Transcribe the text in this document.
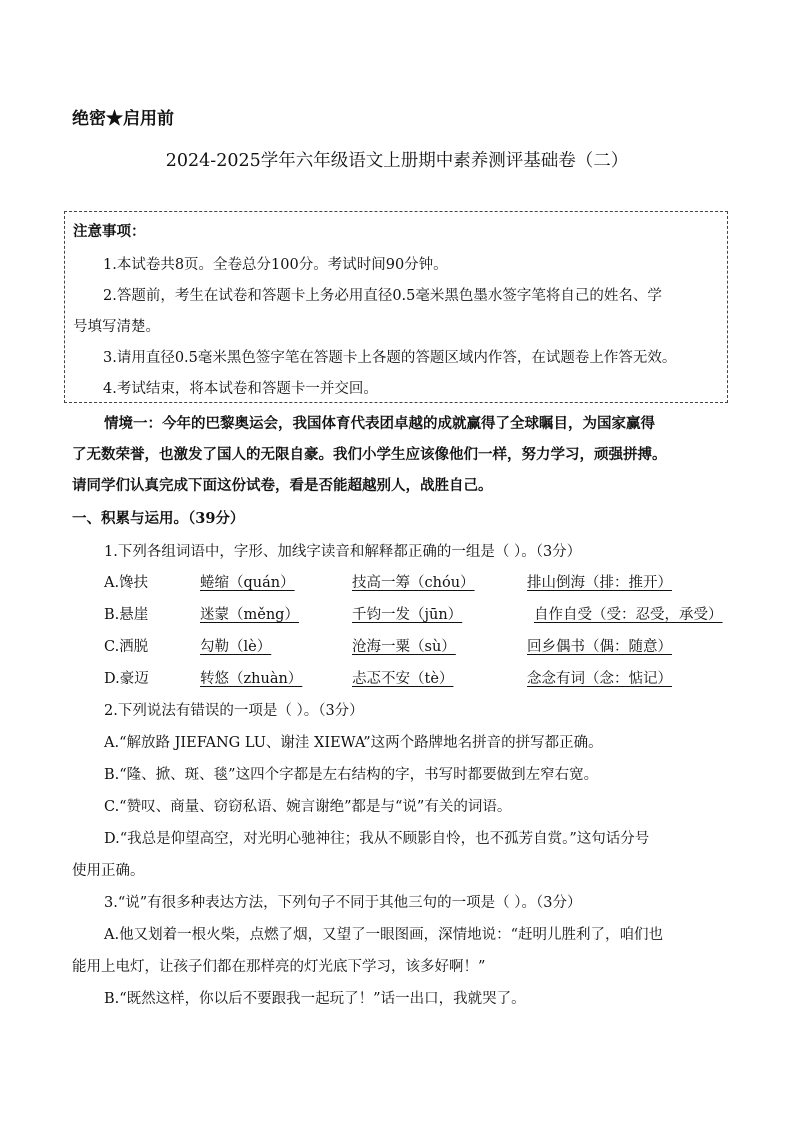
绝密★启用前
2024-2025学年六年级语文上册期中素养测评基础卷（二）
注意事项：
1.本试卷共8页。全卷总分100分。考试时间90分钟。
2.答题前，考生在试卷和答题卡上务必用直径0.5毫米黑色墨水签字笔将自己的姓名、学
号填写清楚。
3.请用直径0.5毫米黑色签字笔在答题卡上各题的答题区域内作答，在试题卷上作答无效。
4.考试结束，将本试卷和答题卡一并交回。
情境一：今年的巴黎奥运会，我国体育代表团卓越的成就赢得了全球瞩目，为国家赢得
了无数荣誉，也激发了国人的无限自豪。我们小学生应该像他们一样，努力学习，顽强拼搏。
请同学们认真完成下面这份试卷，看是否能超越别人，战胜自己。
一、积累与运用。（39分）
1.下列各组词语中，字形、加线字读音和解释都正确的一组是（ ）。（3分）
A.馋扶	蜷缩（quán）	技高一筹（chóu）	排山倒海（排：推开）
B.悬崖	迷蒙（měng）	千钧一发（jūn）	自作自受（受：忍受，承受）
C.洒脱	勾勒（lè）	沧海一粟（sù）	回乡偶书（偶：随意）
D.豪迈	转悠（zhuàn）	忐忑不安（tè）	念念有词（念：惦记）
2.下列说法有错误的一项是（ ）。（3分）
A.“解放路 JIEFANG LU、谢洼 XIEWA”这两个路牌地名拼音的拼写都正确。
B.“隆、掀、斑、毯”这四个字都是左右结构的字，书写时都要做到左窄右宽。
C.“赞叹、商量、窃窃私语、婉言谢绝”都是与“说”有关的词语。
D.“我总是仰望高空，对光明心驰神往；我从不顾影自怜，也不孤芳自赏。”这句话分号
使用正确。
3.“说”有很多种表达方法，下列句子不同于其他三句的一项是（ ）。（3分）
A.他又划着一根火柴，点燃了烟，又望了一眼图画，深情地说：“赶明儿胜利了，咱们也
能用上电灯，让孩子们都在那样亮的灯光底下学习，该多好啊！”
B.“既然这样，你以后不要跟我一起玩了！”话一出口，我就哭了。
